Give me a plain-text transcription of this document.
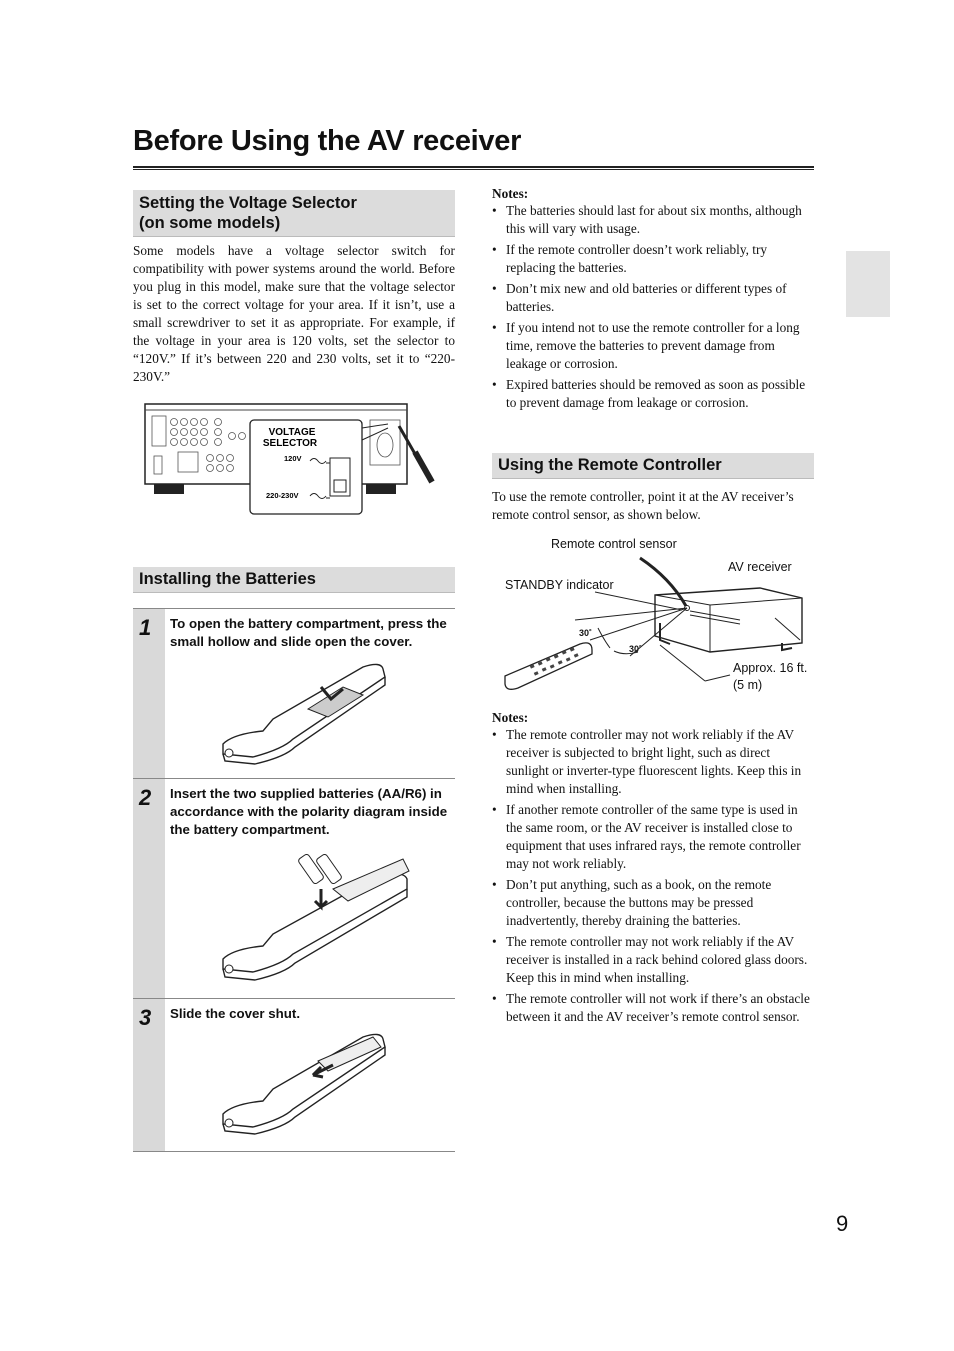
Before Using the AV receiver
Setting the Voltage Selector
(on some models)
Some models have a voltage selector switch for compatibility with power systems around the world. Before you plug in this model, make sure that the voltage selector is set to the correct voltage for your area. If it isn’t, use a small screwdriver to set it as appropriate. For example, if the voltage in your area is 120 volts, set the selector to “120V.” If it’s between 220 and 230 volts, set it to “220-230V.”
VOLTAGE
SELECTOR
120V
220-230V
Installing the Batteries
1 To open the battery compartment, press the small hollow and slide open the cover.
2 Insert the two supplied batteries (AA/R6) in accordance with the polarity diagram inside the battery compartment.
3 Slide the cover shut.
Notes:
• The batteries should last for about six months, although this will vary with usage.
• If the remote controller doesn’t work reliably, try replacing the batteries.
• Don’t mix new and old batteries or different types of batteries.
• If you intend not to use the remote controller for a long time, remove the batteries to prevent damage from leakage or corrosion.
• Expired batteries should be removed as soon as possible to prevent damage from leakage or corrosion.
Using the Remote Controller
To use the remote controller, point it at the AV receiver’s remote control sensor, as shown below.
Remote control sensor
AV receiver
STANDBY indicator
Approx. 16 ft.
(5 m)
30˚
30˚
Notes:
• The remote controller may not work reliably if the AV receiver is subjected to bright light, such as direct sunlight or inverter-type fluorescent lights. Keep this in mind when installing.
• If another remote controller of the same type is used in the same room, or the AV receiver is installed close to equipment that uses infrared rays, the remote controller may not work reliably.
• Don’t put anything, such as a book, on the remote controller, because the buttons may be pressed inadvertently, thereby draining the batteries.
• The remote controller may not work reliably if the AV receiver is installed in a rack behind colored glass doors. Keep this in mind when installing.
• The remote controller will not work if there’s an obstacle between it and the AV receiver’s remote control sensor.
9
